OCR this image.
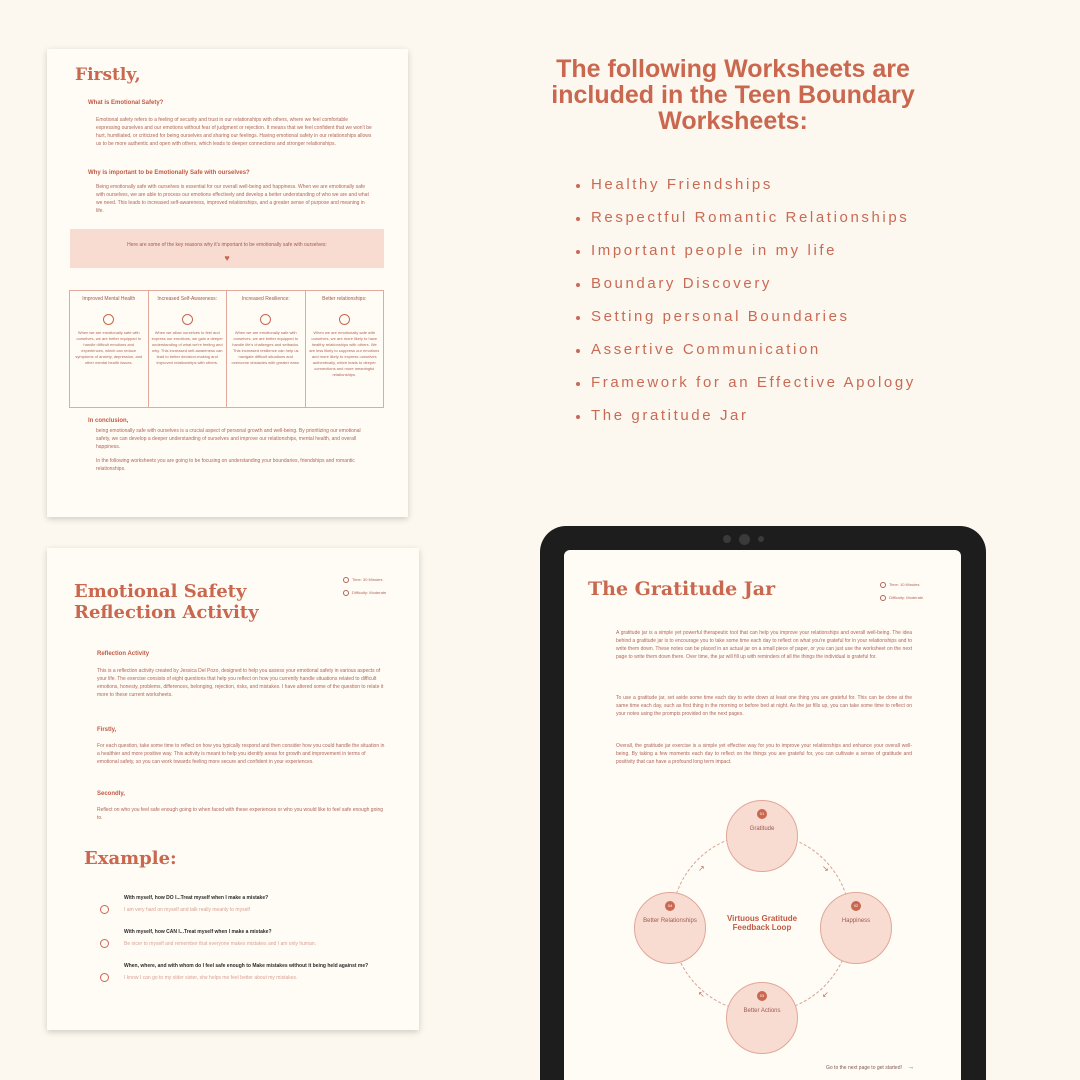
The following Worksheets are included in the Teen Boundary Worksheets:
Healthy Friendships
Respectful Romantic Relationships
Important people in my life
Boundary Discovery
Setting personal Boundaries
Assertive Communication
Framework for an Effective Apology
The gratitude Jar
Firstly,
What is Emotional Safety?
Emotional safety refers to a feeling of security and trust in our relationships with others, where we feel comfortable expressing ourselves and our emotions without fear of judgment or rejection. It means that we feel confident that we won't be hurt, humiliated, or criticized for being ourselves and sharing our feelings. Having emotional safety in our relationships allows us to be more authentic and open with others, which leads to deeper connections and stronger relationships.
Why is important to be Emotionally Safe with ourselves?
Being emotionally safe with ourselves is essential for our overall well-being and happiness. When we are emotionally safe with ourselves, we are able to process our emotions effectively and develop a better understanding of who we are and what we need. This leads to increased self-awareness, improved relationships, and a greater sense of purpose and meaning in life.
Here are some of the key reasons why it's important to be emotionally safe with ourselves:
♥
Improved Mental Health
When we are emotionally safe with ourselves, we are better equipped to handle difficult emotions and experiences, which can reduce symptoms of anxiety, depression, and other mental health issues.
Increased Self-Awareness:
When we allow ourselves to feel and express our emotions, we gain a deeper understanding of what we're feeling and why. This increased self-awareness can lead to better decision-making and improved relationships with others.
Increased Resilience:
When we are emotionally safe with ourselves, we are better equipped to handle life's challenges and setbacks. This increased resilience can help us navigate difficult situations and overcome obstacles with greater ease.
Better relationships:
When we are emotionally safe with ourselves, we are more likely to have healthy relationships with others. We are less likely to suppress our emotions and more likely to express ourselves authentically, which leads to deeper connections and more meaningful relationships.
In conclusion,
being emotionally safe with ourselves is a crucial aspect of personal growth and well-being. By prioritizing our emotional safety, we can develop a deeper understanding of ourselves and improve our relationships, mental health, and overall happiness.
In the following worksheets you are going to be focusing on understanding your boundaries, friendships and romantic relationships.
Emotional Safety Reflection Activity
Time: 30 Minutes
Difficulty: Moderate
Reflection Activity
This is a reflection activity created by Jessica Del Pozo, designed to help you assess your emotional safety in various aspects of your life. The exercise consists of eight questions that help you reflect on how you currently handle situations related to difficult emotions, honesty, problems, differences, belonging, rejection, risks, and mistakes. I have altered some of the question to relate it more to these current worksheets.
Firstly,
For each question, take some time to reflect on how you typically respond and then consider how you could handle the situation in a healthier and more positive way. This activity is meant to help you identify areas for growth and improvement in terms of emotional safety, so you can work towards feeling more secure and confident in your experiences.
Secondly,
Reflect on who you feel safe enough going to when faced with these experiences or who you would like to feel safe enough going to.
Example:
With myself, how DO I...Treat myself when I make a mistake?
I am very hard on myself and talk really meanly to myself
With myself, how CAN I...Treat myself when I make a mistake?
Be nicer to myself and remember that everyone makes mistakes and I am only human.
When, where, and with whom do I feel safe enough to Make mistakes without it being held against me?
I know I can go to my older sister, she helps me feel better about my mistakes.
The Gratitude Jar	Time: 10 Minutes
Difficulty: Moderate
A gratitude jar is a simple yet powerful therapeutic tool that can help you improve your relationships and overall well-being. The idea behind a gratitude jar is to encourage you to take some time each day to reflect on what you're grateful for in your relationships and to write them down. These notes can be placed in an actual jar on a small piece of paper, or you can just use the worksheet on the next page to write them down there. Over time, the jar will fill up with reminders of all the things the individual is grateful for.
To use a gratitude jar, set aside some time each day to write down at least one thing you are grateful for. This can be done at the same time each day, such as first thing in the morning or before bed at night. As the jar fills up, you can take some time to reflect on your notes using the prompts provided on the next pages.
Overall, the gratitude jar exercise is a simple yet effective way for you to improve your relationships and enhance your overall well-being. By taking a few moments each day to reflect on the things you are grateful for, you can cultivate a sense of gratitude and positivity that can have a profound long term impact.
Virtuous Gratitude Feedback Loop
01
Gratitude
02
Happiness
03
Better Actions
04
Better Relationships
↘
↙
↖
↗
Go to the next page to get started! →
